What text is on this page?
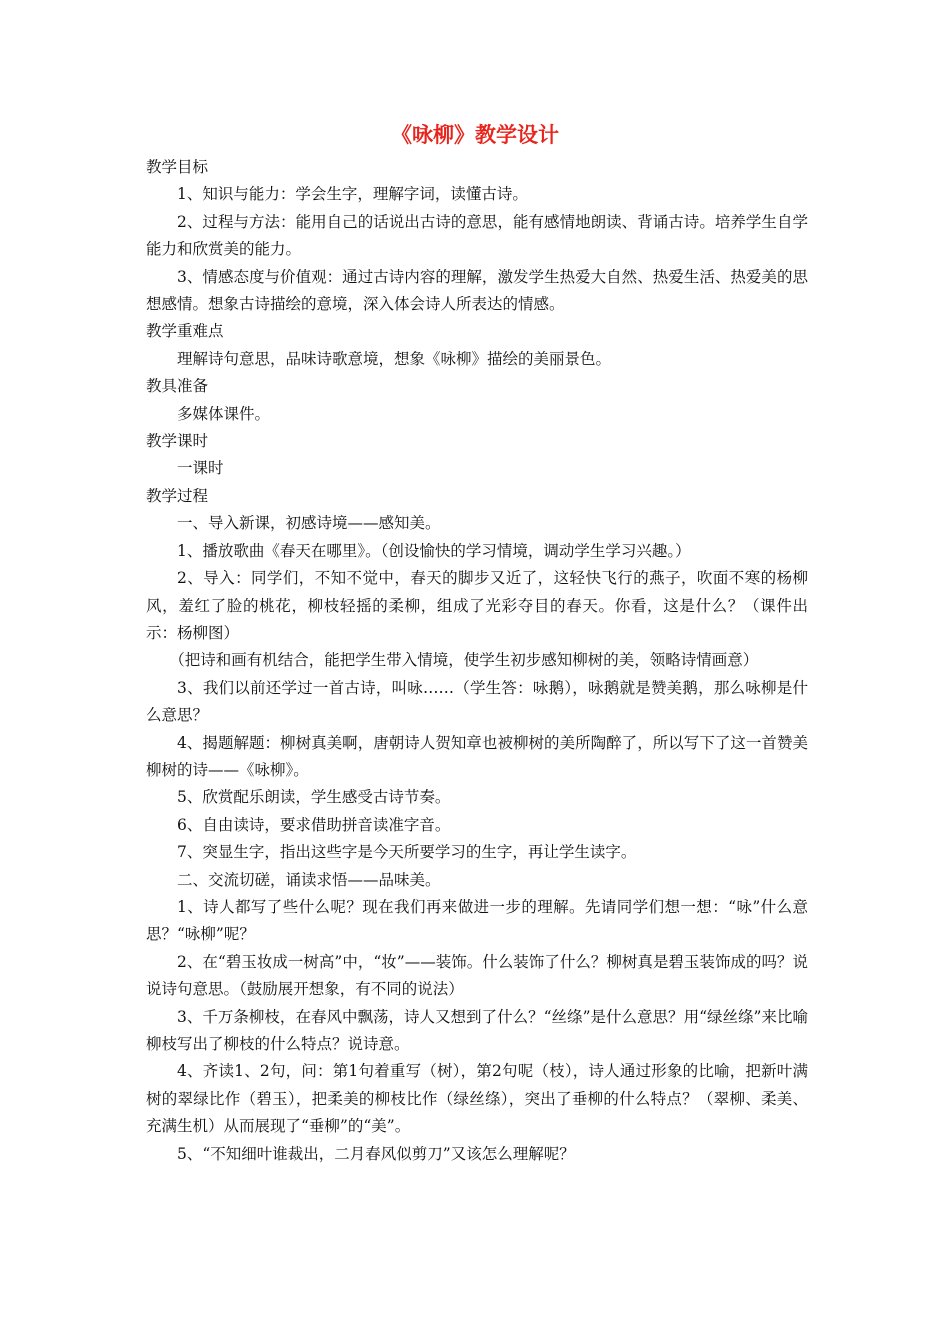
《咏柳》教学设计

教学目标

1、知识与能力：学会生字，理解字词，读懂古诗。

2、过程与方法：能用自己的话说出古诗的意思，能有感情地朗读、背诵古诗。培养学生自学能力和欣赏美的能力。

3、情感态度与价值观：通过古诗内容的理解，激发学生热爱大自然、热爱生活、热爱美的思想感情。想象古诗描绘的意境，深入体会诗人所表达的情感。

教学重难点

理解诗句意思，品味诗歌意境，想象《咏柳》描绘的美丽景色。

教具准备

多媒体课件。

教学课时

一课时

教学过程

一、导入新课，初感诗境——感知美。

1、播放歌曲《春天在哪里》。（创设愉快的学习情境，调动学生学习兴趣。）

2、导入：同学们，不知不觉中，春天的脚步又近了，这轻快飞行的燕子，吹面不寒的杨柳风，羞红了脸的桃花，柳枝轻摇的柔柳，组成了光彩夺目的春天。你看，这是什么？（课件出示：杨柳图）

（把诗和画有机结合，能把学生带入情境，使学生初步感知柳树的美，领略诗情画意）

3、我们以前还学过一首古诗，叫咏……（学生答：咏鹅），咏鹅就是赞美鹅，那么咏柳是什么意思？

4、揭题解题：柳树真美啊，唐朝诗人贺知章也被柳树的美所陶醉了，所以写下了这一首赞美柳树的诗——《咏柳》。

5、欣赏配乐朗读，学生感受古诗节奏。

6、自由读诗，要求借助拼音读准字音。

7、突显生字，指出这些字是今天所要学习的生字，再让学生读字。

二、交流切磋，诵读求悟——品味美。

1、诗人都写了些什么呢？现在我们再来做进一步的理解。先请同学们想一想：“咏”什么意思？“咏柳”呢？

2、在“碧玉妆成一树高”中，“妆”——装饰。什么装饰了什么？柳树真是碧玉装饰成的吗？说说诗句意思。（鼓励展开想象，有不同的说法）

3、千万条柳枝，在春风中飘荡，诗人又想到了什么？“丝绦”是什么意思？用“绿丝绦”来比喻柳枝写出了柳枝的什么特点？说诗意。

4、齐读1、2句，问：第1句着重写（树），第2句呢（枝），诗人通过形象的比喻，把新叶满树的翠绿比作（碧玉），把柔美的柳枝比作（绿丝绦），突出了垂柳的什么特点？（翠柳、柔美、充满生机）从而展现了“垂柳”的“美”。

5、“不知细叶谁裁出，二月春风似剪刀”又该怎么理解呢？
